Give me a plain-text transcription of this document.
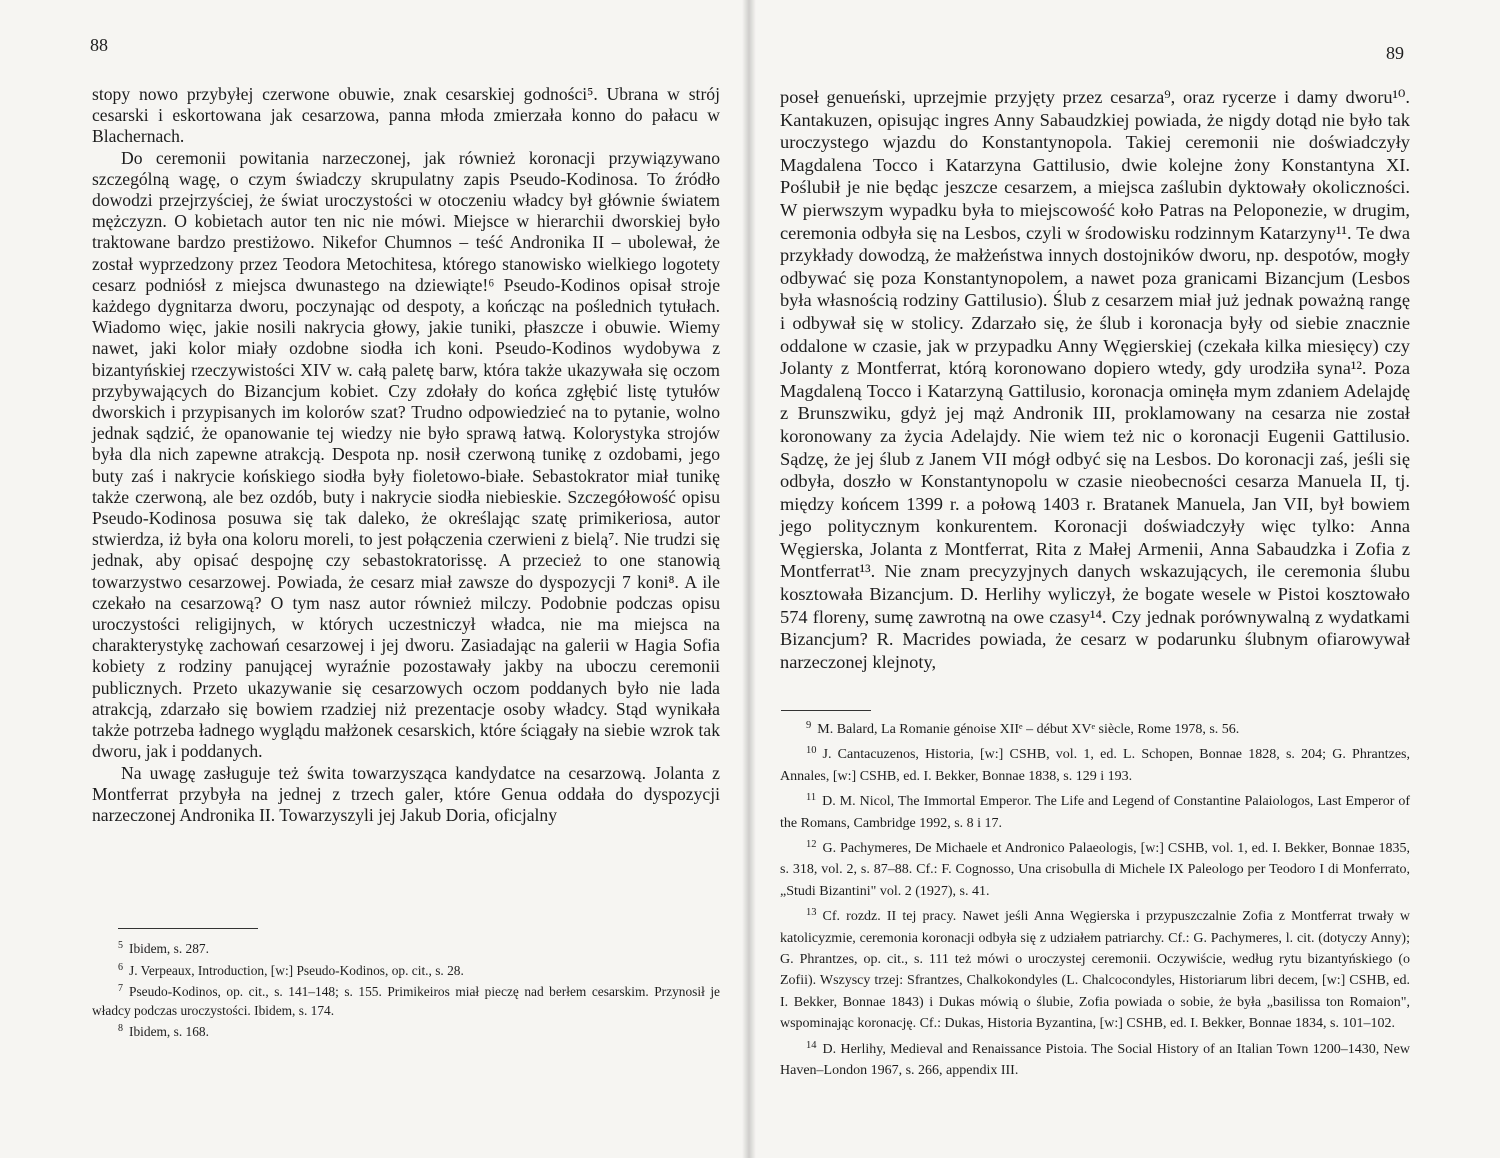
88

stopy nowo przybyłej czerwone obuwie, znak cesarskiej godności⁵. Ubrana w strój cesarski i eskortowana jak cesarzowa, panna młoda zmierzała konno do pałacu w Blachernach.

Do ceremonii powitania narzeczonej, jak również koronacji przywiązywano szczególną wagę, o czym świadczy skrupulatny zapis Pseudo-Kodinosa. To źródło dowodzi przejrzyściej, że świat uroczystości w otoczeniu władcy był głównie światem mężczyzn. O kobietach autor ten nic nie mówi. Miejsce w hierarchii dworskiej było traktowane bardzo prestiżowo. Nikefor Chumnos – teść Andronika II – ubolewał, że został wyprzedzony przez Teodora Metochitesa, którego stanowisko wielkiego logotety cesarz podniósł z miejsca dwunastego na dziewiąte!⁶ Pseudo-Kodinos opisał stroje każdego dygnitarza dworu, poczynając od despoty, a kończąc na poślednich tytułach. Wiadomo więc, jakie nosili nakrycia głowy, jakie tuniki, płaszcze i obuwie. Wiemy nawet, jaki kolor miały ozdobne siodła ich koni. Pseudo-Kodinos wydobywa z bizantyńskiej rzeczywistości XIV w. całą paletę barw, która także ukazywała się oczom przybywających do Bizancjum kobiet. Czy zdołały do końca zgłębić listę tytułów dworskich i przypisanych im kolorów szat? Trudno odpowiedzieć na to pytanie, wolno jednak sądzić, że opanowanie tej wiedzy nie było sprawą łatwą. Kolorystyka strojów była dla nich zapewne atrakcją. Despota np. nosił czerwoną tunikę z ozdobami, jego buty zaś i nakrycie końskiego siodła były fioletowo-białe. Sebastokrator miał tunikę także czerwoną, ale bez ozdób, buty i nakrycie siodła niebieskie. Szczegółowość opisu Pseudo-Kodinosa posuwa się tak daleko, że określając szatę primikeriosa, autor stwierdza, iż była ona koloru moreli, to jest połączenia czerwieni z bielą⁷. Nie trudzi się jednak, aby opisać despojnę czy sebastokratorissę. A przecież to one stanowią towarzystwo cesarzowej. Powiada, że cesarz miał zawsze do dyspozycji 7 koni⁸. A ile czekało na cesarzową? O tym nasz autor również milczy. Podobnie podczas opisu uroczystości religijnych, w których uczestniczył władca, nie ma miejsca na charakterystykę zachowań cesarzowej i jej dworu. Zasiadając na galerii w Hagia Sofia kobiety z rodziny panującej wyraźnie pozostawały jakby na uboczu ceremonii publicznych. Przeto ukazywanie się cesarzowych oczom poddanych było nie lada atrakcją, zdarzało się bowiem rzadziej niż prezentacje osoby władcy. Stąd wynikała także potrzeba ładnego wyglądu małżonek cesarskich, które ściągały na siebie wzrok tak dworu, jak i poddanych.

Na uwagę zasługuje też świta towarzysząca kandydatce na cesarzową. Jolanta z Montferrat przybyła na jednej z trzech galer, które Genua oddała do dyspozycji narzeczonej Andronika II. Towarzyszyli jej Jakub Doria, oficjalny

$^5$ Ibidem, s. 287.

$^6$ J. Verpeaux, Introduction, [w:] Pseudo-Kodinos, op. cit., s. 28.

$^7$ Pseudo-Kodinos, op. cit., s. 141–148; s. 155. Primikeiros miał pieczę nad berłem cesarskim. Przynosił je władcy podczas uroczystości. Ibidem, s. 174.

$^8$ Ibidem, s. 168.

89

poseł genueński, uprzejmie przyjęty przez cesarza⁹, oraz rycerze i damy dworu¹⁰. Kantakuzen, opisując ingres Anny Sabaudzkiej powiada, że nigdy dotąd nie było tak uroczystego wjazdu do Konstantynopola. Takiej ceremonii nie doświadczyły Magdalena Tocco i Katarzyna Gattilusio, dwie kolejne żony Konstantyna XI. Poślubił je nie będąc jeszcze cesarzem, a miejsca zaślubin dyktowały okoliczności. W pierwszym wypadku była to miejscowość koło Patras na Peloponezie, w drugim, ceremonia odbyła się na Lesbos, czyli w środowisku rodzinnym Katarzyny¹¹. Te dwa przykłady dowodzą, że małżeństwa innych dostojników dworu, np. despotów, mogły odbywać się poza Konstantynopolem, a nawet poza granicami Bizancjum (Lesbos była własnością rodziny Gattilusio). Ślub z cesarzem miał już jednak poważną rangę i odbywał się w stolicy. Zdarzało się, że ślub i koronacja były od siebie znacznie oddalone w czasie, jak w przypadku Anny Węgierskiej (czekała kilka miesięcy) czy Jolanty z Montferrat, którą koronowano dopiero wtedy, gdy urodziła syna¹². Poza Magdaleną Tocco i Katarzyną Gattilusio, koronacja ominęła mym zdaniem Adelajdę z Brunszwiku, gdyż jej mąż Andronik III, proklamowany na cesarza nie został koronowany za życia Adelajdy. Nie wiem też nic o koronacji Eugenii Gattilusio. Sądzę, że jej ślub z Janem VII mógł odbyć się na Lesbos. Do koronacji zaś, jeśli się odbyła, doszło w Konstantynopolu w czasie nieobecności cesarza Manuela II, tj. między końcem 1399 r. a połową 1403 r. Bratanek Manuela, Jan VII, był bowiem jego politycznym konkurentem. Koronacji doświadczyły więc tylko: Anna Węgierska, Jolanta z Montferrat, Rita z Małej Armenii, Anna Sabaudzka i Zofia z Montferrat¹³. Nie znam precyzyjnych danych wskazujących, ile ceremonia ślubu kosztowała Bizancjum. D. Herlihy wyliczył, że bogate wesele w Pistoi kosztowało 574 floreny, sumę zawrotną na owe czasy¹⁴. Czy jednak porównywalną z wydatkami Bizancjum? R. Macrides powiada, że cesarz w podarunku ślubnym ofiarowywał narzeczonej klejnoty,

$^9$ M. Balard, La Romanie génoise XIIᵉ – début XVᵉ siècle, Rome 1978, s. 56.

$^{10}$ J. Cantacuzenos, Historia, [w:] CSHB, vol. 1, ed. L. Schopen, Bonnae 1828, s. 204; G. Phrantzes, Annales, [w:] CSHB, ed. I. Bekker, Bonnae 1838, s. 129 i 193.

$^{11}$ D. M. Nicol, The Immortal Emperor. The Life and Legend of Constantine Palaiologos, Last Emperor of the Romans, Cambridge 1992, s. 8 i 17.

$^{12}$ G. Pachymeres, De Michaele et Andronico Palaeologis, [w:] CSHB, vol. 1, ed. I. Bekker, Bonnae 1835, s. 318, vol. 2, s. 87–88. Cf.: F. Cognosso, Una crisobulla di Michele IX Paleologo per Teodoro I di Monferrato, „Studi Bizantini" vol. 2 (1927), s. 41.

$^{13}$ Cf. rozdz. II tej pracy. Nawet jeśli Anna Węgierska i przypuszczalnie Zofia z Montferrat trwały w katolicyzmie, ceremonia koronacji odbyła się z udziałem patriarchy. Cf.: G. Pachymeres, l. cit. (dotyczy Anny); G. Phrantzes, op. cit., s. 111 też mówi o uroczystej ceremonii. Oczywiście, według rytu bizantyńskiego (o Zofii). Wszyscy trzej: Sfrantzes, Chalkokondyles (L. Chalcocondyles, Historiarum libri decem, [w:] CSHB, ed. I. Bekker, Bonnae 1843) i Dukas mówią o ślubie, Zofia powiada o sobie, że była „basilissa ton Romaion", wspominając koronację. Cf.: Dukas, Historia Byzantina, [w:] CSHB, ed. I. Bekker, Bonnae 1834, s. 101–102.

$^{14}$ D. Herlihy, Medieval and Renaissance Pistoia. The Social History of an Italian Town 1200–1430, New Haven–London 1967, s. 266, appendix III.
